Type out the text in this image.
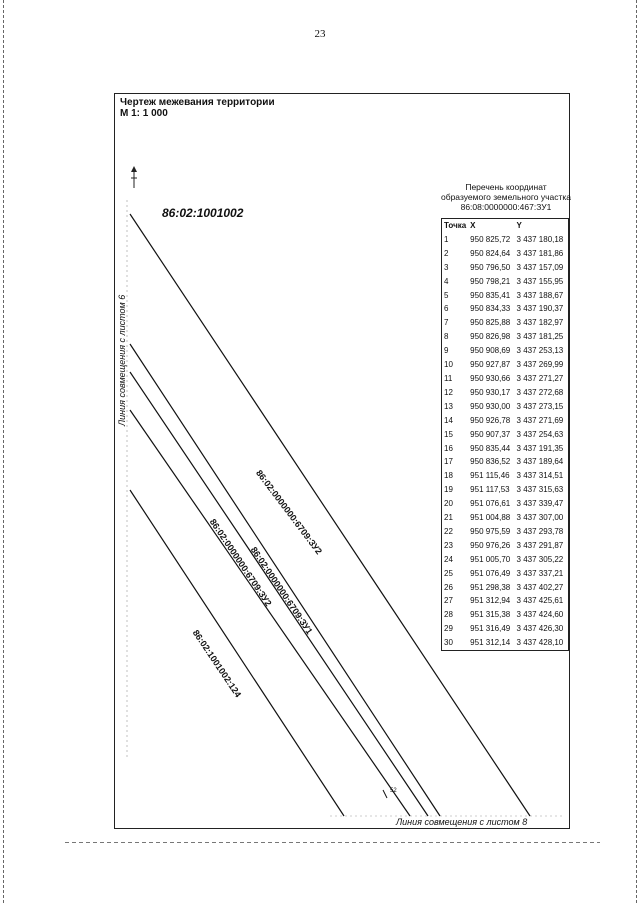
23
Чертеж межевания территории
М 1: 1 000
86:02:1001002
86:02:0000000:6709:ЗУ2
86:02:0000000:6709:ЗУ1
86:02:0000000:6709:ЗУ2
86:02:1001002:124
Линия совмещения с листом 6
Линия совмещения с листом 8
52
Перечень координат
образуемого земельного участка
86:08:0000000:467:ЗУ1
Точка	X	Y
1	950 825,72	3 437 180,18
2	950 824,64	3 437 181,86
3	950 796,50	3 437 157,09
4	950 798,21	3 437 155,95
5	950 835,41	3 437 188,67
6	950 834,33	3 437 190,37
7	950 825,88	3 437 182,97
8	950 826,98	3 437 181,25
9	950 908,69	3 437 253,13
10	950 927,87	3 437 269,99
11	950 930,66	3 437 271,27
12	950 930,17	3 437 272,68
13	950 930,00	3 437 273,15
14	950 926,78	3 437 271,69
15	950 907,37	3 437 254,63
16	950 835,44	3 437 191,35
17	950 836,52	3 437 189,64
18	951 115,46	3 437 314,51
19	951 117,53	3 437 315,63
20	951 076,61	3 437 339,47
21	951 004,88	3 437 307,00
22	950 975,59	3 437 293,78
23	950 976,26	3 437 291,87
24	951 005,70	3 437 305,22
25	951 076,49	3 437 337,21
26	951 298,38	3 437 402,27
27	951 312,94	3 437 425,61
28	951 315,38	3 437 424,60
29	951 316,49	3 437 426,30
30	951 312,14	3 437 428,10
